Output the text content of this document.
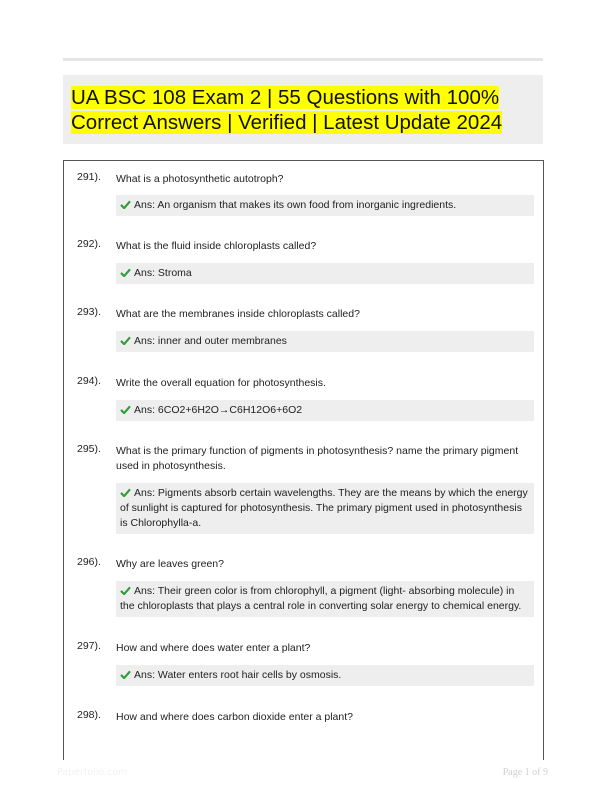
UA BSC 108 Exam 2 | 55 Questions with 100%
Correct Answers | Verified | Latest Update 2024
291). What is a photosynthetic autotroph?
Ans: An organism that makes its own food from inorganic ingredients.
292). What is the fluid inside chloroplasts called?
Ans: Stroma
293). What are the membranes inside chloroplasts called?
Ans: inner and outer membranes
294). Write the overall equation for photosynthesis.
Ans: 6CO2+6H2O→C6H12O6+6O2
295). What is the primary function of pigments in photosynthesis? name the primary pigment used in photosynthesis.
Ans: Pigments absorb certain wavelengths. They are the means by which the energy of sunlight is captured for photosynthesis. The primary pigment used in photosynthesis is Chlorophylla-a.
296). Why are leaves green?
Ans: Their green color is from chlorophyll, a pigment (light- absorbing molecule) in the chloroplasts that plays a central role in converting solar energy to chemical energy.
297). How and where does water enter a plant?
Ans: Water enters root hair cells by osmosis.
298). How and where does carbon dioxide enter a plant?
Paperfolio.com	Page 1 of 9
